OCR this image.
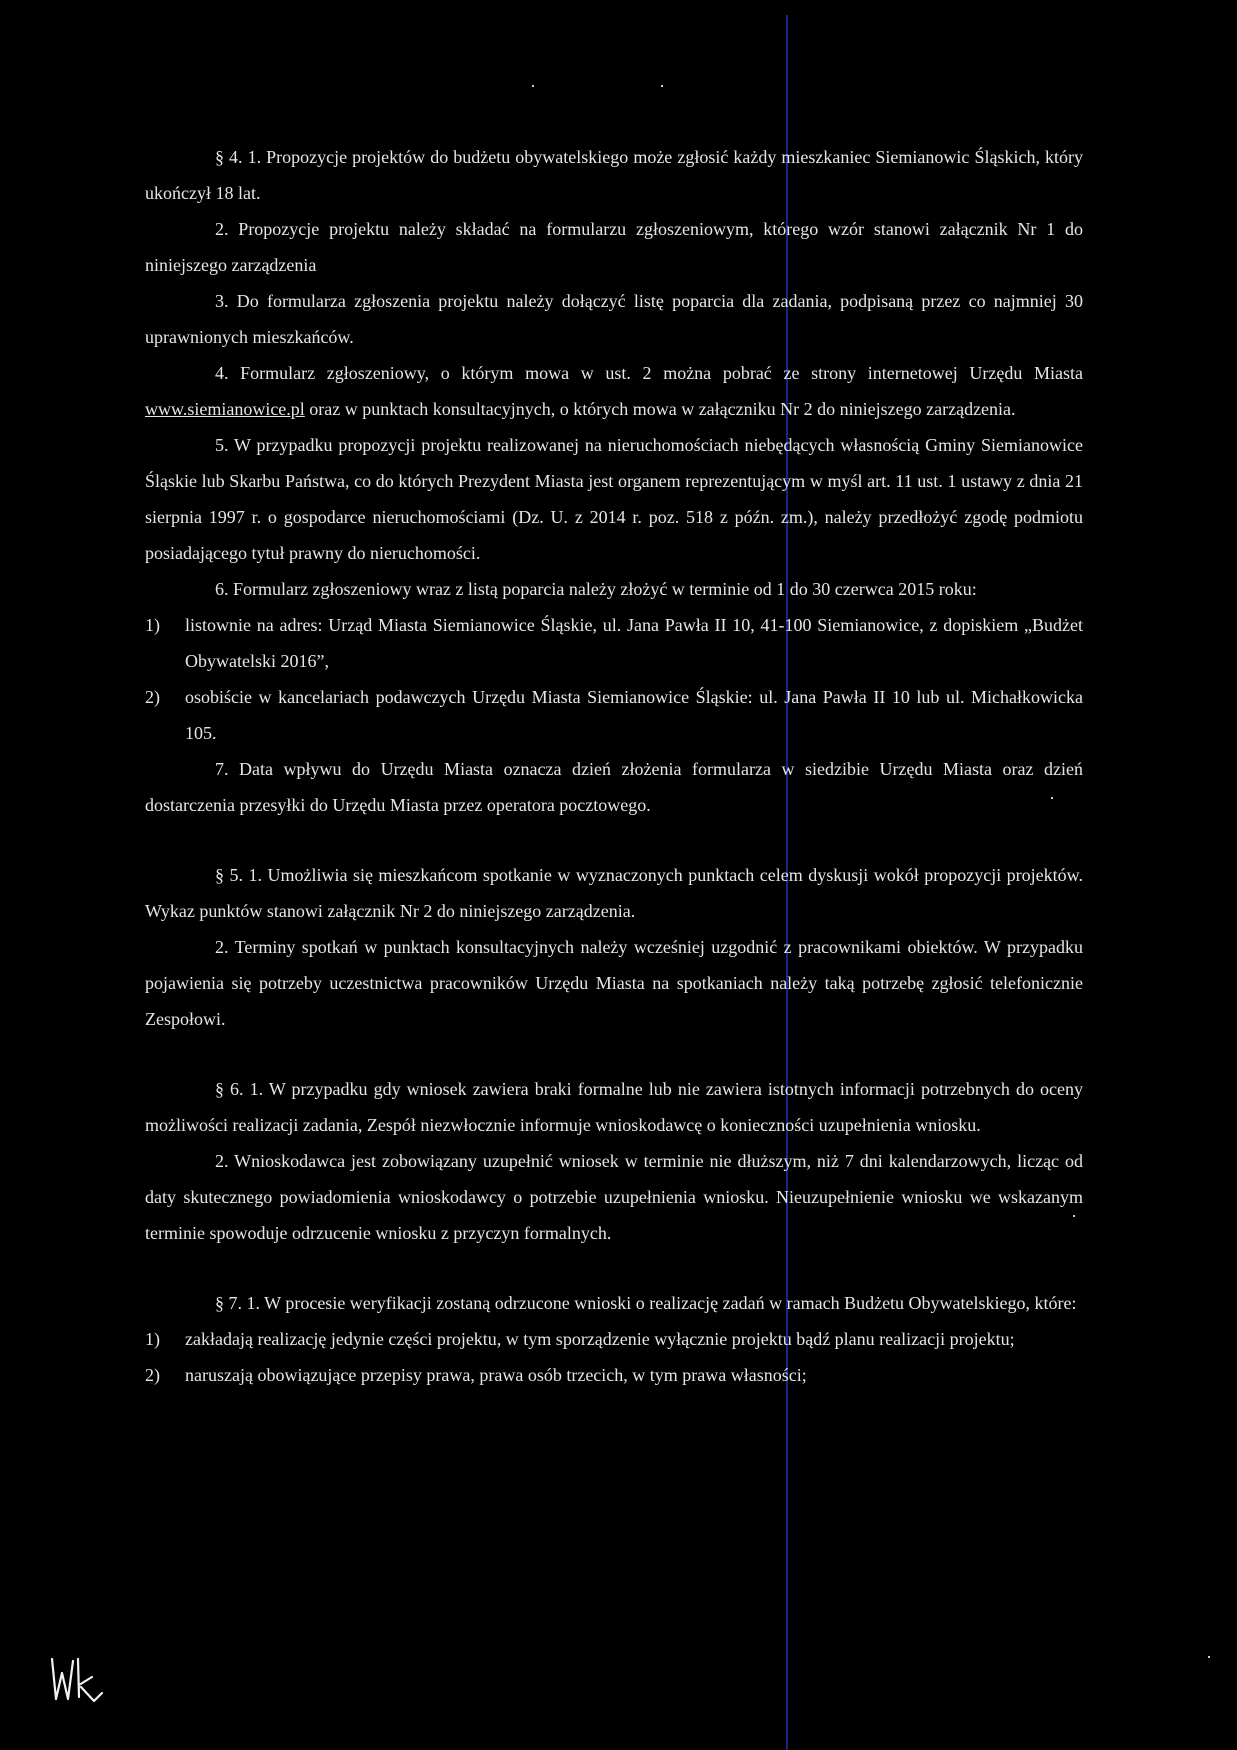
§ 4. 1. Propozycje projektów do budżetu obywatelskiego może zgłosić każdy mieszkaniec Siemianowic Śląskich, który ukończył 18 lat.

2. Propozycje projektu należy składać na formularzu zgłoszeniowym, którego wzór stanowi załącznik Nr 1 do niniejszego zarządzenia

3. Do formularza zgłoszenia projektu należy dołączyć listę poparcia dla zadania, podpisaną przez co najmniej 30 uprawnionych mieszkańców.

4. Formularz zgłoszeniowy, o którym mowa w ust. 2 można pobrać ze strony internetowej Urzędu Miasta www.siemianowice.pl oraz w punktach konsultacyjnych, o których mowa w załączniku Nr 2 do niniejszego zarządzenia.

5. W przypadku propozycji projektu realizowanej na nieruchomościach niebędących własnością Gminy Siemianowice Śląskie lub Skarbu Państwa, co do których Prezydent Miasta jest organem reprezentującym w myśl art. 11 ust. 1 ustawy z dnia 21 sierpnia 1997 r. o gospodarce nieruchomościami (Dz. U. z 2014 r. poz. 518 z późn. zm.), należy przedłożyć zgodę podmiotu posiadającego tytuł prawny do nieruchomości.

6. Formularz zgłoszeniowy wraz z listą poparcia należy złożyć w terminie od 1 do 30 czerwca 2015 roku:

1)	listownie na adres: Urząd Miasta Siemianowice Śląskie, ul. Jana Pawła II 10, 41-100 Siemianowice, z dopiskiem „Budżet Obywatelski 2016”,
2)	osobiście w kancelariach podawczych Urzędu Miasta Siemianowice Śląskie: ul. Jana Pawła II 10 lub ul. Michałkowicka 105.

7. Data wpływu do Urzędu Miasta oznacza dzień złożenia formularza w siedzibie Urzędu Miasta oraz dzień dostarczenia przesyłki do Urzędu Miasta przez operatora pocztowego.

§ 5. 1. Umożliwia się mieszkańcom spotkanie w wyznaczonych punktach celem dyskusji wokół propozycji projektów. Wykaz punktów stanowi załącznik Nr 2 do niniejszego zarządzenia.

2. Terminy spotkań w punktach konsultacyjnych należy wcześniej uzgodnić z pracownikami obiektów. W przypadku pojawienia się potrzeby uczestnictwa pracowników Urzędu Miasta na spotkaniach należy taką potrzebę zgłosić telefonicznie Zespołowi.

§ 6. 1. W przypadku gdy wniosek zawiera braki formalne lub nie zawiera istotnych informacji potrzebnych do oceny możliwości realizacji zadania, Zespół niezwłocznie informuje wnioskodawcę o konieczności uzupełnienia wniosku.

2. Wnioskodawca jest zobowiązany uzupełnić wniosek w terminie nie dłuższym, niż 7 dni kalendarzowych, licząc od daty skutecznego powiadomienia wnioskodawcy o potrzebie uzupełnienia wniosku. Nieuzupełnienie wniosku we wskazanym terminie spowoduje odrzucenie wniosku z przyczyn formalnych.

§ 7. 1. W procesie weryfikacji zostaną odrzucone wnioski o realizację zadań w ramach Budżetu Obywatelskiego, które:

1)	zakładają realizację jedynie części projektu, w tym sporządzenie wyłącznie projektu bądź planu realizacji projektu;
2)	naruszają obowiązujące przepisy prawa, prawa osób trzecich, w tym prawa własności;
